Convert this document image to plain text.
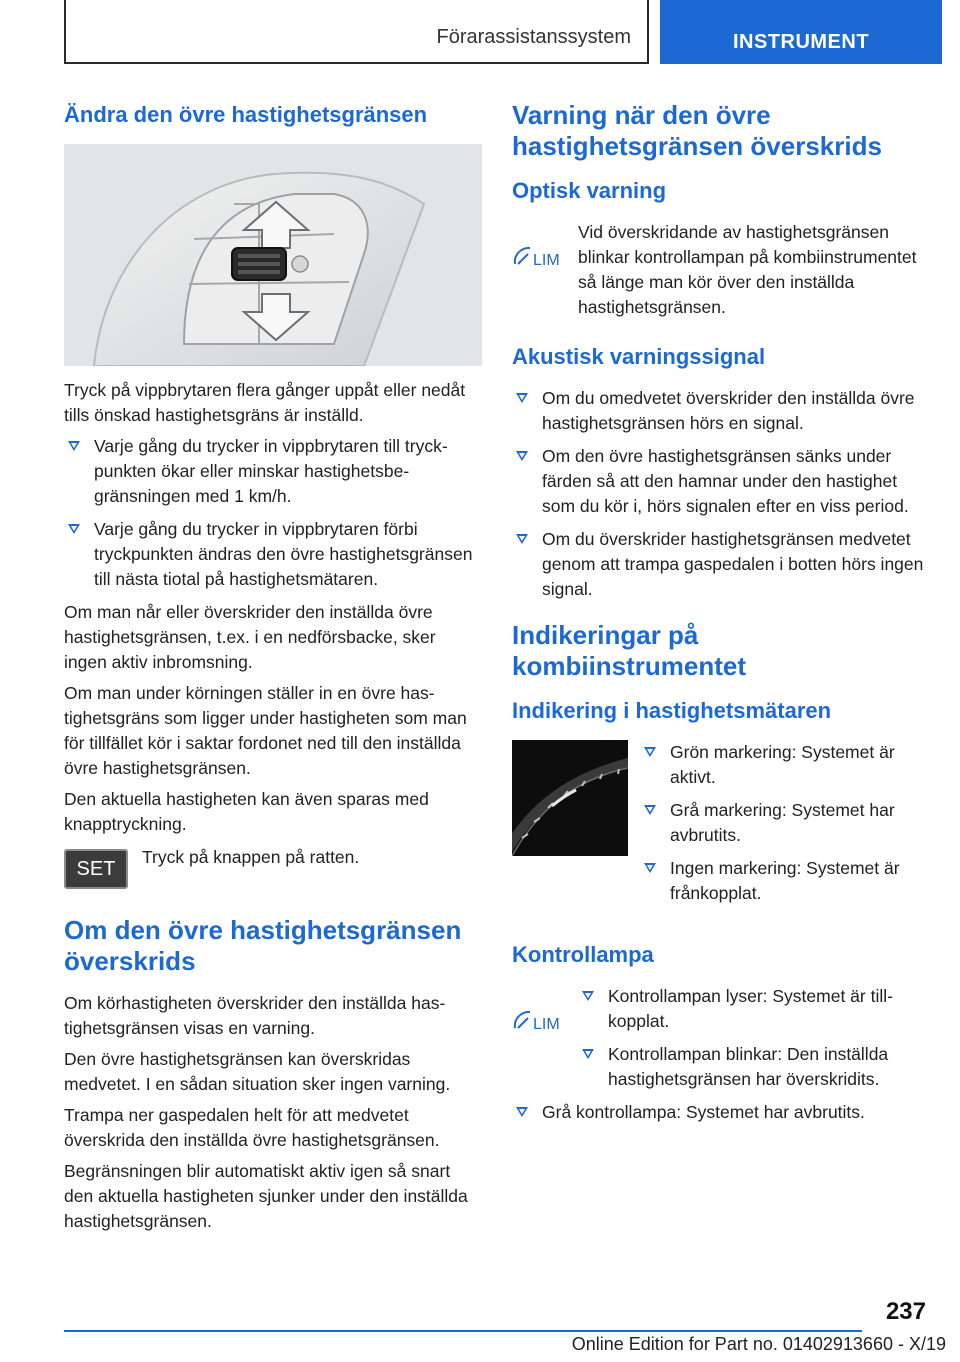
Förarassistanssystem	INSTRUMENT
Ändra den övre hastighetsgränsen

Tryck på vippbrytaren flera gånger uppåt eller nedåt tills önskad hastighetsgräns är inställd.

Varje gång du trycker in vippbrytaren till tryckpunkten ökar eller minskar hastighetsbegränsningen med 1 km/h.
Varje gång du trycker in vippbrytaren förbi tryckpunkten ändras den övre hastighetsgränsen till nästa tiotal på hastighetsmätaren.

Om man når eller överskrider den inställda övre hastighetsgränsen, t.ex. i en nedförsbacke, sker ingen aktiv inbromsning.

Om man under körningen ställer in en övre hastighetsgräns som ligger under hastigheten som man för tillfället kör i saktar fordonet ned till den inställda övre hastighetsgränsen.

Den aktuella hastigheten kan även sparas med knapptryckning.

SET

Tryck på knappen på ratten.

Om den övre hastighetsgränsen överskrids

Om körhastigheten överskrider den inställda hastighetsgränsen visas en varning.

Den övre hastighetsgränsen kan överskridas medvetet. I en sådan situation sker ingen varning.

Trampa ner gaspedalen helt för att medvetet överskrida den inställda övre hastighetsgränsen.

Begränsningen blir automatiskt aktiv igen så snart den aktuella hastigheten sjunker under den inställda hastighetsgränsen.

Varning när den övre hastighetsgränsen överskrids
Optisk varning
LIM

Vid överskridande av hastighetsgränsen blinkar kontrollampan på kombiinstrumentet så länge man kör över den inställda hastighetsgränsen.

Akustisk varningssignal
Om du omedvetet överskrider den inställda övre hastighetsgränsen hörs en signal.
Om den övre hastighetsgränsen sänks under färden så att den hamnar under den hastighet som du kör i, hörs signalen efter en viss period.
Om du överskrider hastighetsgränsen medvetet genom att trampa gaspedalen i botten hörs ingen signal.
Indikeringar på kombiinstrumentet
Indikering i hastighetsmätaren
Grön markering: Systemet är aktivt.
Grå markering: Systemet har avbrutits.
Ingen markering: Systemet är frånkopplat.
Kontrollampa
LIM
Kontrollampan lyser: Systemet är tillkopplat.
Kontrollampan blinkar: Den inställda hastighetsgränsen har överskridits.
Grå kontrollampa: Systemet har avbrutits.
237
Online Edition for Part no. 01402913660 - X/19
